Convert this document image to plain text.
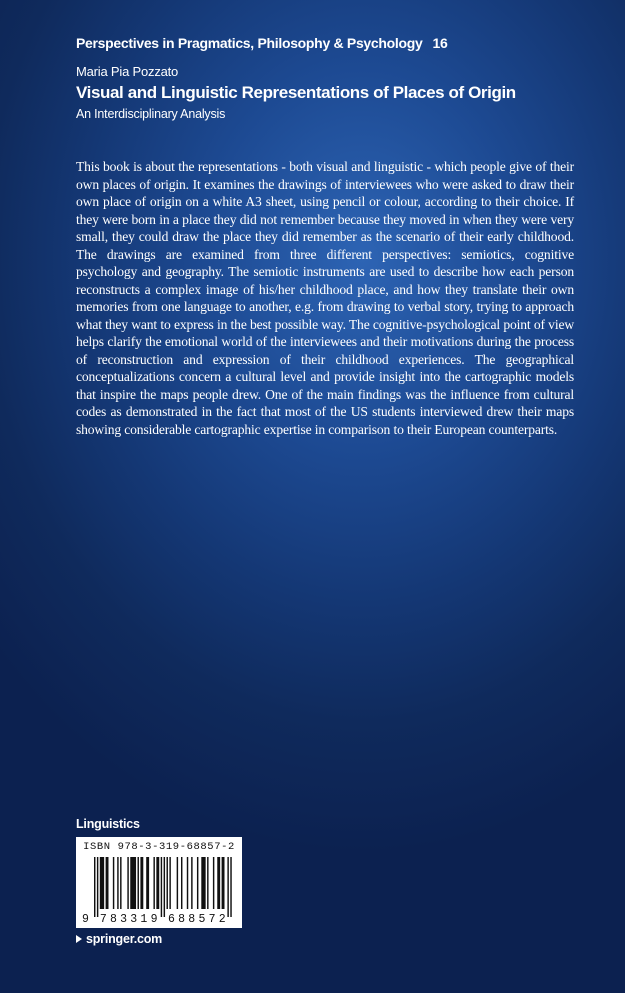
Perspectives in Pragmatics, Philosophy & Psychology 16
Maria Pia Pozzato
Visual and Linguistic Representations of Places of Origin
An Interdisciplinary Analysis

This book is about the representations - both visual and linguistic - which people give of their own places of origin. It examines the drawings of interviewees who were asked to draw their own place of origin on a white A3 sheet, using pencil or colour, according to their choice. If they were born in a place they did not remember because they moved in when they were very small, they could draw the place they did remember as the scenario of their early childhood. The drawings are examined from three different perspectives: semiotics, cognitive psychology and geography. The semiotic instruments are used to describe how each person reconstructs a complex image of his/her childhood place, and how they translate their own memories from one language to another, e.g. from drawing to verbal story, trying to approach what they want to express in the best possible way. The cognitive-psychological point of view helps clarify the emotional world of the interviewees and their motivations during the process of reconstruction and expression of their childhood experiences. The geographical conceptualizations concern a cultural level and provide insight into the cartographic models that inspire the maps people drew. One of the main findings was the influence from cultural codes as demonstrated in the fact that most of the US students interviewed drew their maps showing considerable cartographic expertise in comparison to their European counterparts.

Linguistics
ISBN 978-3-319-68857-2
9 7 8 3 3 1 9 6 8 8 5 7 2
springer.com
